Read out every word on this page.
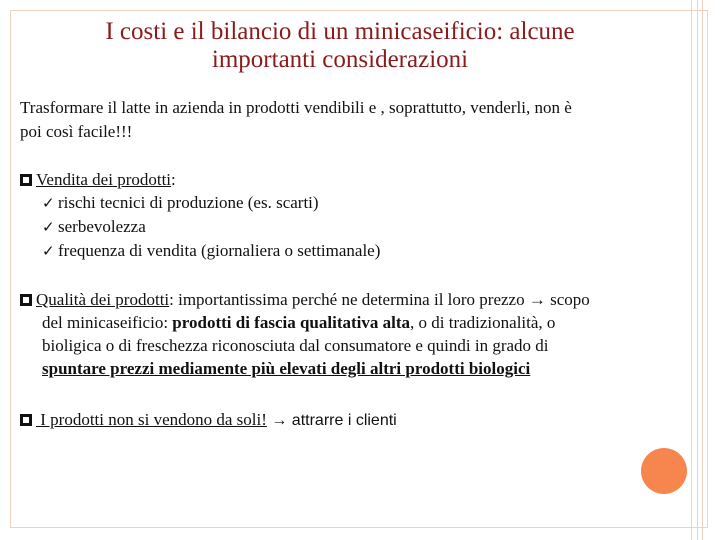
I costi e il bilancio di un minicaseificio: alcune
importanti considerazioni
Trasformare il latte in azienda in prodotti vendibili e , soprattutto, venderli, non è
poi così facile!!!
Vendita dei prodotti:
✓ rischi tecnici di produzione (es. scarti)
✓ serbevolezza
✓ frequenza di vendita (giornaliera o settimanale)
Qualità dei prodotti: importantissima perché ne determina il loro prezzo → scopo
del minicaseificio: prodotti di fascia qualitativa alta, o di tradizionalità, o
bioligica o di freschezza riconosciuta dal consumatore e quindi in grado di
spuntare prezzi mediamente più elevati degli altri prodotti biologici
I prodotti non si vendono da soli! → attrarre i clienti
